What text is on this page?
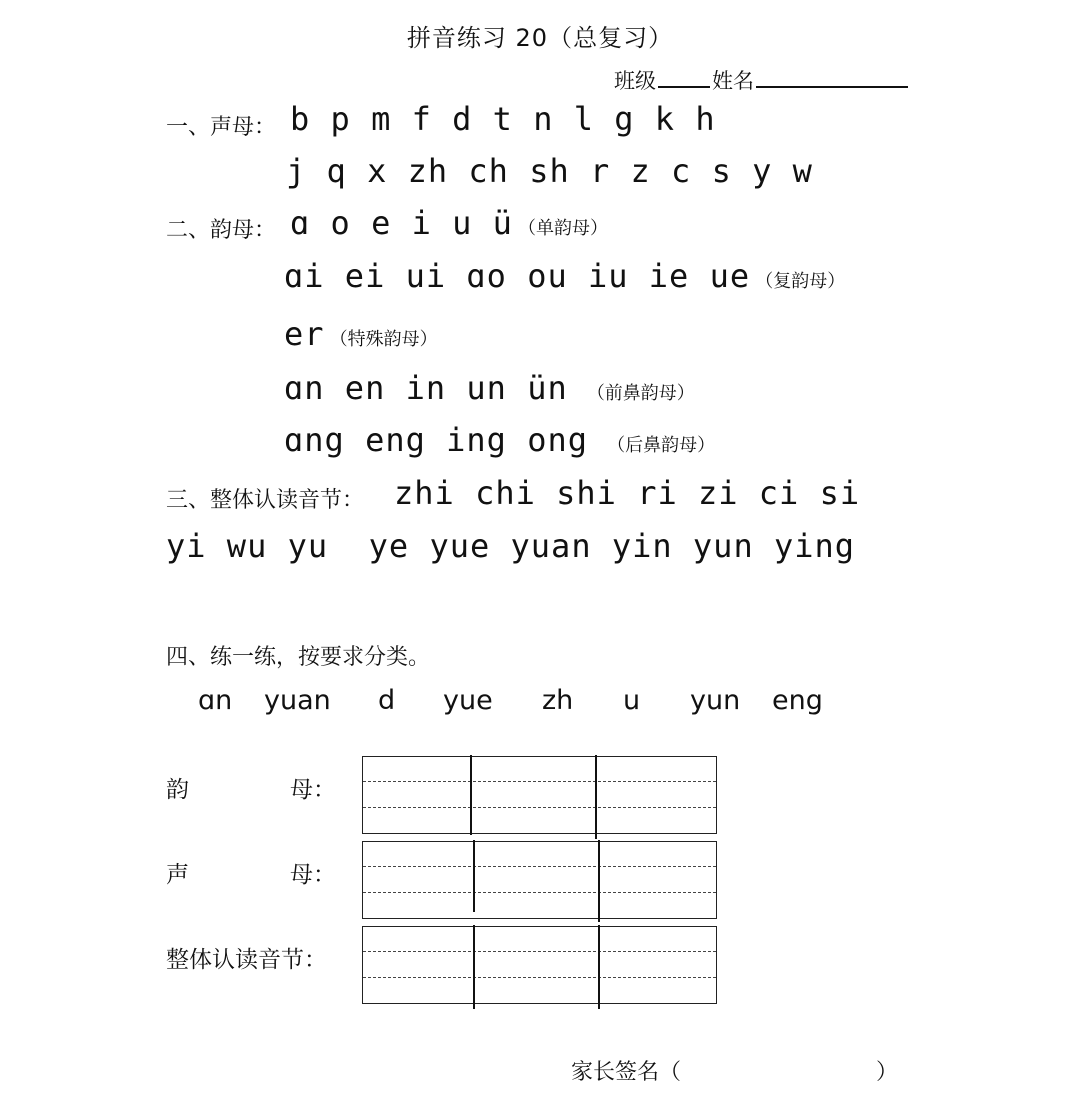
拼音练习 20（总复习）
班级	姓名
一、声母： b p m f d t n l g k h
j q x zh ch sh r z c s y w
二、韵母： ɑ o e i u ü （单韵母）
ɑi ei ui ɑo ou iu ie ue （复韵母）
er （特殊韵母）
ɑn en in un ün （前鼻韵母）
ɑng eng ing ong （后鼻韵母）
三、整体认读音节： zhi chi shi ri zi ci si
yi wu yu  ye yue yuan yin yun ying
四、练一练，按要求分类。
ɑn yuan d yue zh u yun eng
韵	母：
声	母：
整体认读音节：
家长签名（	）
